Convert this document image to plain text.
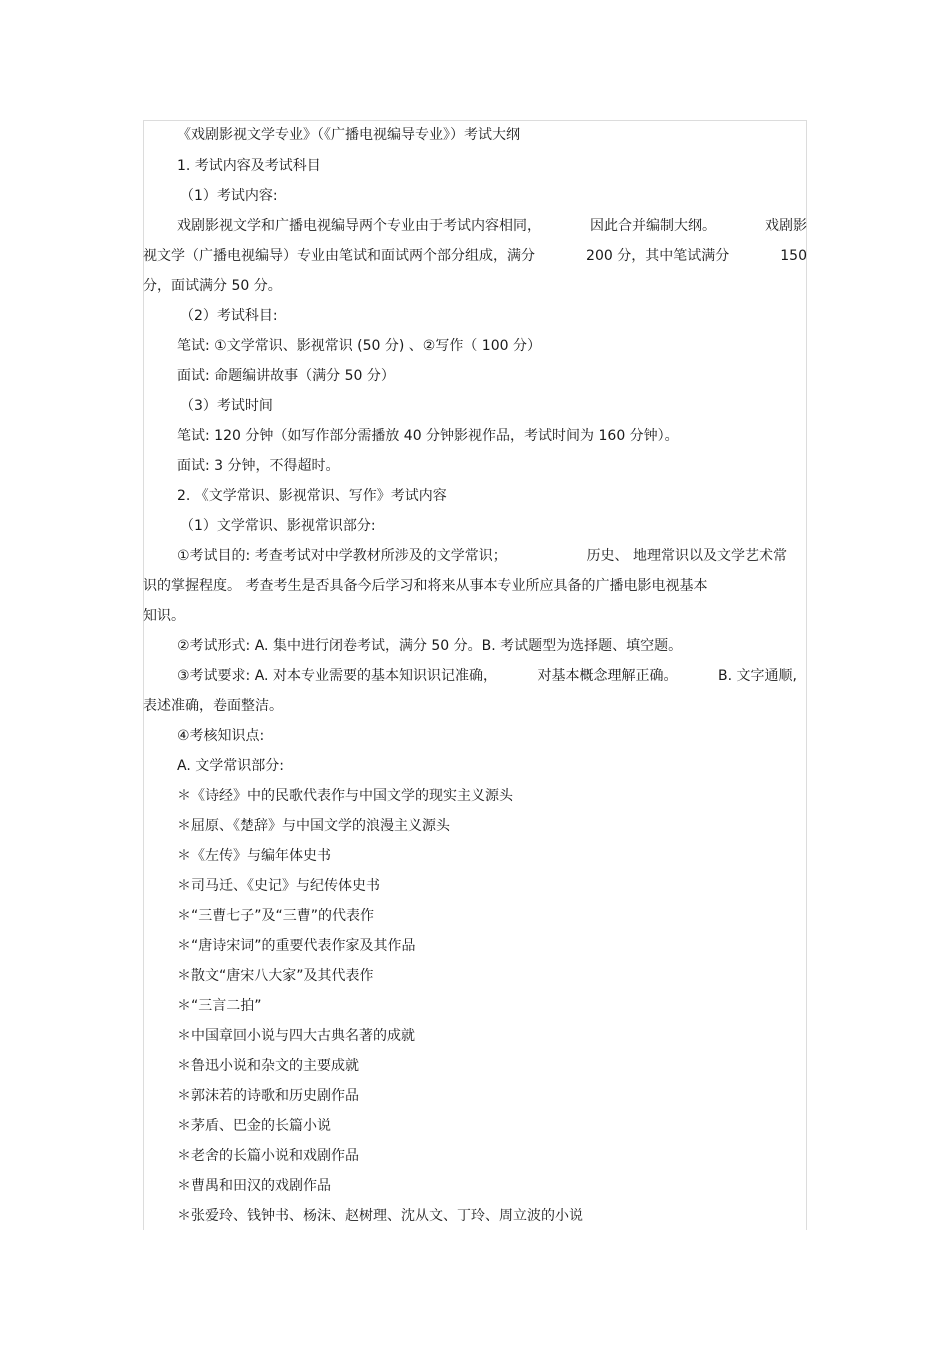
《戏剧影视文学专业》（《广播电视编导专业》）考试大纲
1. 考试内容及考试科目
（1）考试内容:
戏剧影视文学和广播电视编导两个专业由于考试内容相同，	因此合并编制大纲。	戏剧影
视文学（广播电视编导）专业由笔试和面试两个部分组成，满分	200 分，其中笔试满分	150
分，面试满分 50 分。
（2）考试科目:
笔试: ①文学常识、影视常识 (50 分) 、②写作（ 100 分）
面试: 命题编讲故事（满分 50 分）
（3）考试时间
笔试: 120 分钟（如写作部分需播放 40 分钟影视作品，考试时间为 160 分钟）。
面试: 3 分钟，不得超时。
2. 《文学常识、影视常识、写作》考试内容
（1）文学常识、影视常识部分:
①考试目的: 考查考试对中学教材所涉及的文学常识；	历史、 地理常识以及文学艺术常
识的掌握程度。 考查考生是否具备今后学习和将来从事本专业所应具备的广播电影电视基本
知识。
②考试形式: A. 集中进行闭卷考试，满分 50 分。B. 考试题型为选择题、填空题。
③考试要求: A. 对本专业需要的基本知识识记准确，	对基本概念理解正确。	B. 文字通顺,
表述准确，卷面整洁。
④考核知识点:
A. 文学常识部分:
＊《诗经》中的民歌代表作与中国文学的现实主义源头
＊屈原、《楚辞》与中国文学的浪漫主义源头
＊《左传》与编年体史书
＊司马迁、《史记》与纪传体史书
＊“三曹七子”及“三曹”的代表作
＊“唐诗宋词”的重要代表作家及其作品
＊散文“唐宋八大家”及其代表作
＊“三言二拍”
＊中国章回小说与四大古典名著的成就
＊鲁迅小说和杂文的主要成就
＊郭沫若的诗歌和历史剧作品
＊茅盾、巴金的长篇小说
＊老舍的长篇小说和戏剧作品
＊曹禺和田汉的戏剧作品
＊张爱玲、钱钟书、杨沫、赵树理、沈从文、丁玲、周立波的小说
